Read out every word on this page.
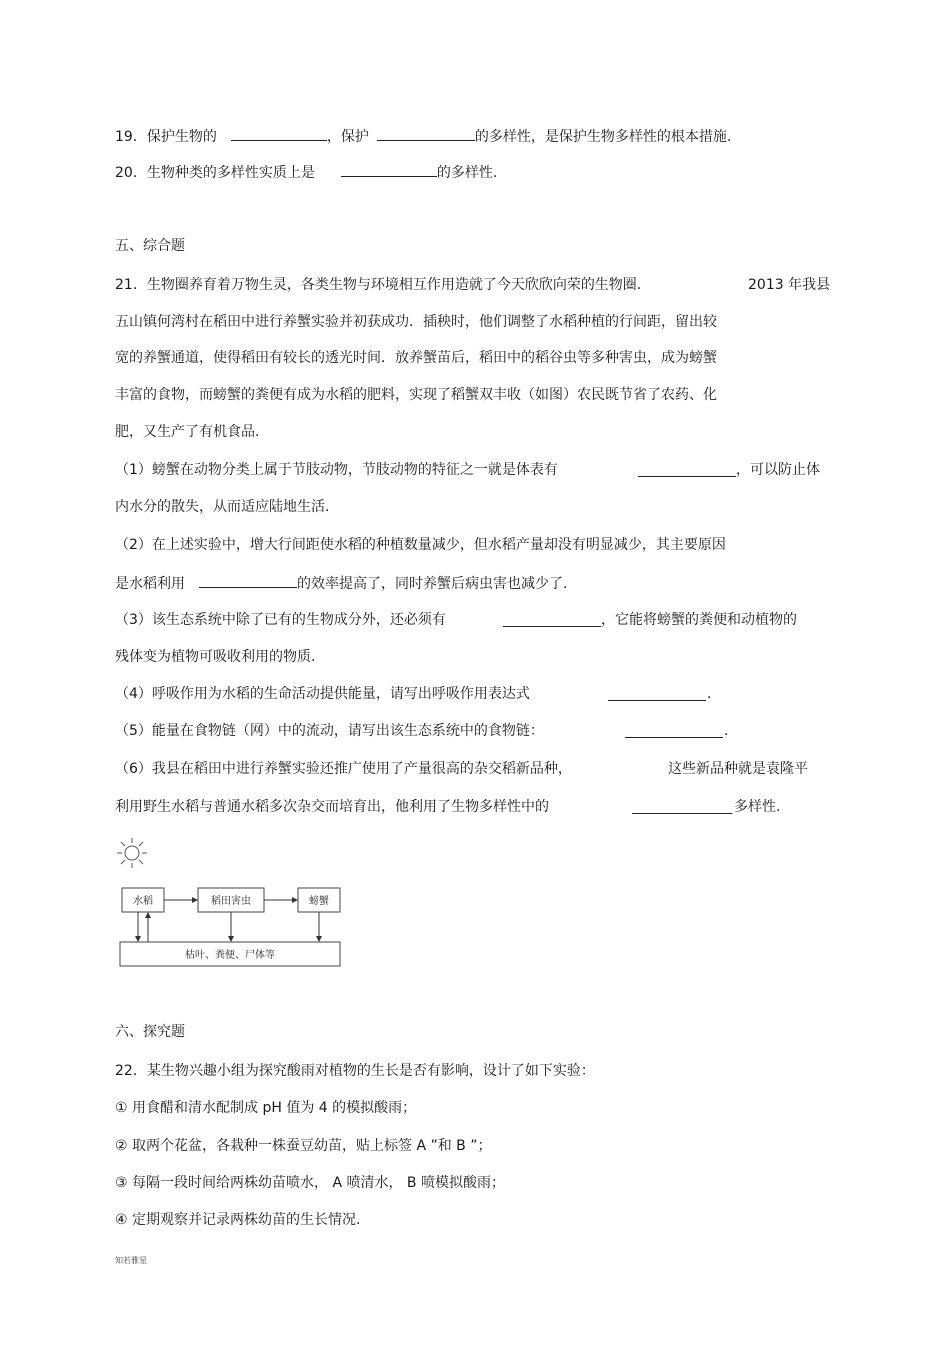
19．保护生物的	，保护	的多样性，是保护生物多样性的根本措施.
20．生物种类的多样性实质上是	的多样性.
五、综合题
21．生物圈养育着万物生灵，各类生物与环境相互作用造就了今天欣欣向荣的生物圈.	2013 年我县
五山镇何湾村在稻田中进行养蟹实验并初获成功．插秧时，他们调整了水稻种植的行间距，留出较
宽的养蟹通道，使得稻田有较长的透光时间．放养蟹苗后，稻田中的稻谷虫等多种害虫，成为螃蟹
丰富的食物，而螃蟹的粪便有成为水稻的肥料，实现了稻蟹双丰收（如图）农民既节省了农药、化
肥，又生产了有机食品.
（1）螃蟹在动物分类上属于节肢动物，节肢动物的特征之一就是体表有	，可以防止体
内水分的散失，从而适应陆地生活.
（2）在上述实验中，增大行间距使水稻的种植数量减少，但水稻产量却没有明显减少，其主要原因
是水稻利用	的效率提高了，同时养蟹后病虫害也减少了.
（3）该生态系统中除了已有的生物成分外，还必须有	，它能将螃蟹的粪便和动植物的
残体变为植物可吸收利用的物质.
（4）呼吸作用为水稻的生命活动提供能量，请写出呼吸作用表达式	.
（5）能量在食物链（网）中的流动，请写出该生态系统中的食物链：	.
（6）我县在稻田中进行养蟹实验还推广使用了产量很高的杂交稻新品种，	这些新品种就是袁隆平
利用野生水稻与普通水稻多次杂交而培育出，他利用了生物多样性中的	多样性.
水稻	稻田害虫	螃蟹
枯叶、粪便、尸体等
六、探究题
22．某生物兴趣小组为探究酸雨对植物的生长是否有影响，设计了如下实验：
① 用食醋和清水配制成 pH 值为 4 的模拟酸雨；
② 取两个花盆，各栽种一株蚕豆幼苗，贴上标签 A ”和 B ”；
③ 每隔一段时间给两株幼苗喷水， A 喷清水， B 喷模拟酸雨；
④ 定期观察并记录两株幼苗的生长情况.
知若雅星
